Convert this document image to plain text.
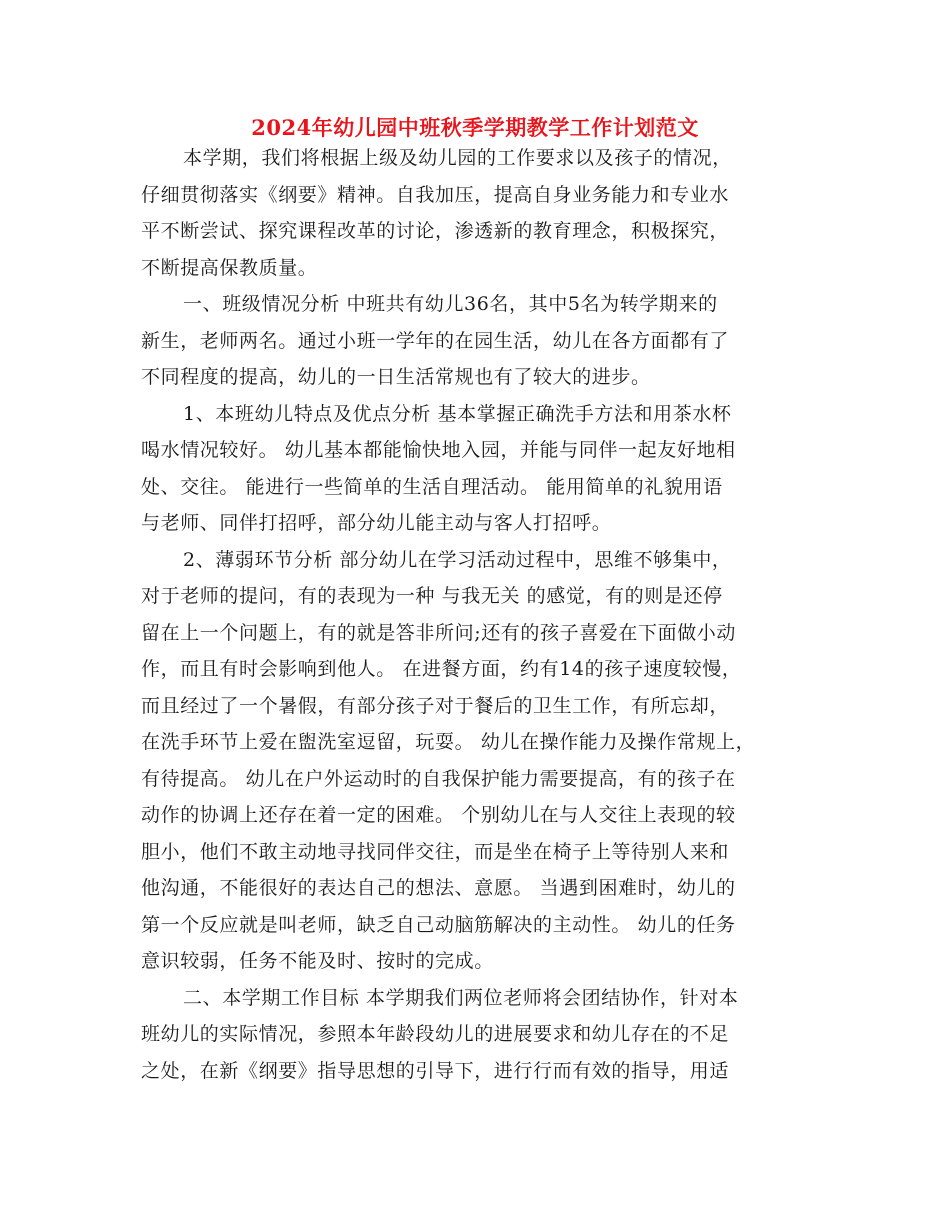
2024年幼儿园中班秋季学期教学工作计划范文
本学期，我们将根据上级及幼儿园的工作要求以及孩子的情况，
仔细贯彻落实《纲要》精神。自我加压，提高自身业务能力和专业水
平不断尝试、探究课程改革的讨论，渗透新的教育理念，积极探究，
不断提高保教质量。
一、班级情况分析 中班共有幼儿36名，其中5名为转学期来的
新生，老师两名。通过小班一学年的在园生活，幼儿在各方面都有了
不同程度的提高，幼儿的一日生活常规也有了较大的进步。
1、本班幼儿特点及优点分析 基本掌握正确洗手方法和用茶水杯
喝水情况较好。 幼儿基本都能愉快地入园，并能与同伴一起友好地相
处、交往。 能进行一些简单的生活自理活动。 能用简单的礼貌用语
与老师、同伴打招呼，部分幼儿能主动与客人打招呼。
2、薄弱环节分析 部分幼儿在学习活动过程中，思维不够集中，
对于老师的提问，有的表现为一种 与我无关 的感觉，有的则是还停
留在上一个问题上，有的就是答非所问;还有的孩子喜爱在下面做小动
作，而且有时会影响到他人。 在进餐方面，约有14的孩子速度较慢，
而且经过了一个暑假，有部分孩子对于餐后的卫生工作，有所忘却，
在洗手环节上爱在盥洗室逗留，玩耍。 幼儿在操作能力及操作常规上，
有待提高。 幼儿在户外运动时的自我保护能力需要提高，有的孩子在
动作的协调上还存在着一定的困难。 个别幼儿在与人交往上表现的较
胆小，他们不敢主动地寻找同伴交往，而是坐在椅子上等待别人来和
他沟通，不能很好的表达自己的想法、意愿。 当遇到困难时，幼儿的
第一个反应就是叫老师，缺乏自己动脑筋解决的主动性。 幼儿的任务
意识较弱，任务不能及时、按时的完成。
二、本学期工作目标 本学期我们两位老师将会团结协作，针对本
班幼儿的实际情况，参照本年龄段幼儿的进展要求和幼儿存在的不足
之处，在新《纲要》指导思想的引导下，进行行而有效的指导，用适
